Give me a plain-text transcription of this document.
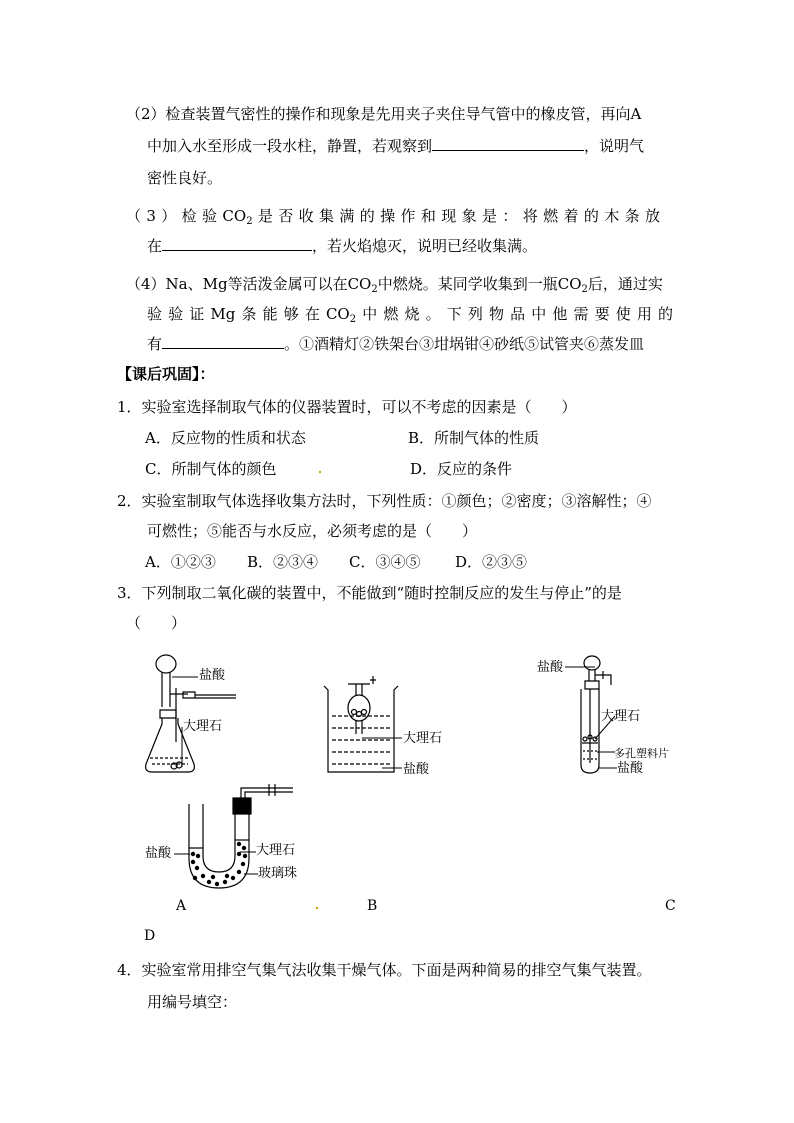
（2）检查装置气密性的操作和现象是先用夹子夹住导气管中的橡皮管，再向A
中加入水至形成一段水柱，静置，若观察到	，说明气
密性良好。
（3）检验$CO_2$是否收集满的操作和现象是：将燃着的木条放
在	，若火焰熄灭，说明已经收集满。
（4）Na、Mg等活泼金属可以在$CO_2$中燃烧。某同学收集到一瓶$CO_2$后，通过实
验验证Mg条能够在$CO_2$中燃烧。下列物品中他需要使用的
有	。①酒精灯②铁架台③坩埚钳④砂纸⑤试管夹⑥蒸发皿
【课后巩固】：
1．实验室选择制取气体的仪器装置时，可以不考虑的因素是（　　）
A．反应物的性质和状态	B．所制气体的性质
C．所制气体的颜色	D．反应的条件
2．实验室制取气体选择收集方法时，下列性质：①颜色；②密度；③溶解性；④
可燃性；⑤能否与水反应，必须考虑的是（　　）
A．①②③ B．②③④ C．③④⑤ D．②③⑤
3．下列制取二氧化碳的装置中，不能做到“随时控制反应的发生与停止”的是
（　　）
盐酸
大理石
大理石
盐酸
盐酸
大理石
多孔塑料片
盐酸
盐酸	大理石
玻璃珠
A	B	C
D
4．实验室常用排空气集气法收集干燥气体。下面是两种简易的排空气集气装置。
用编号填空：
